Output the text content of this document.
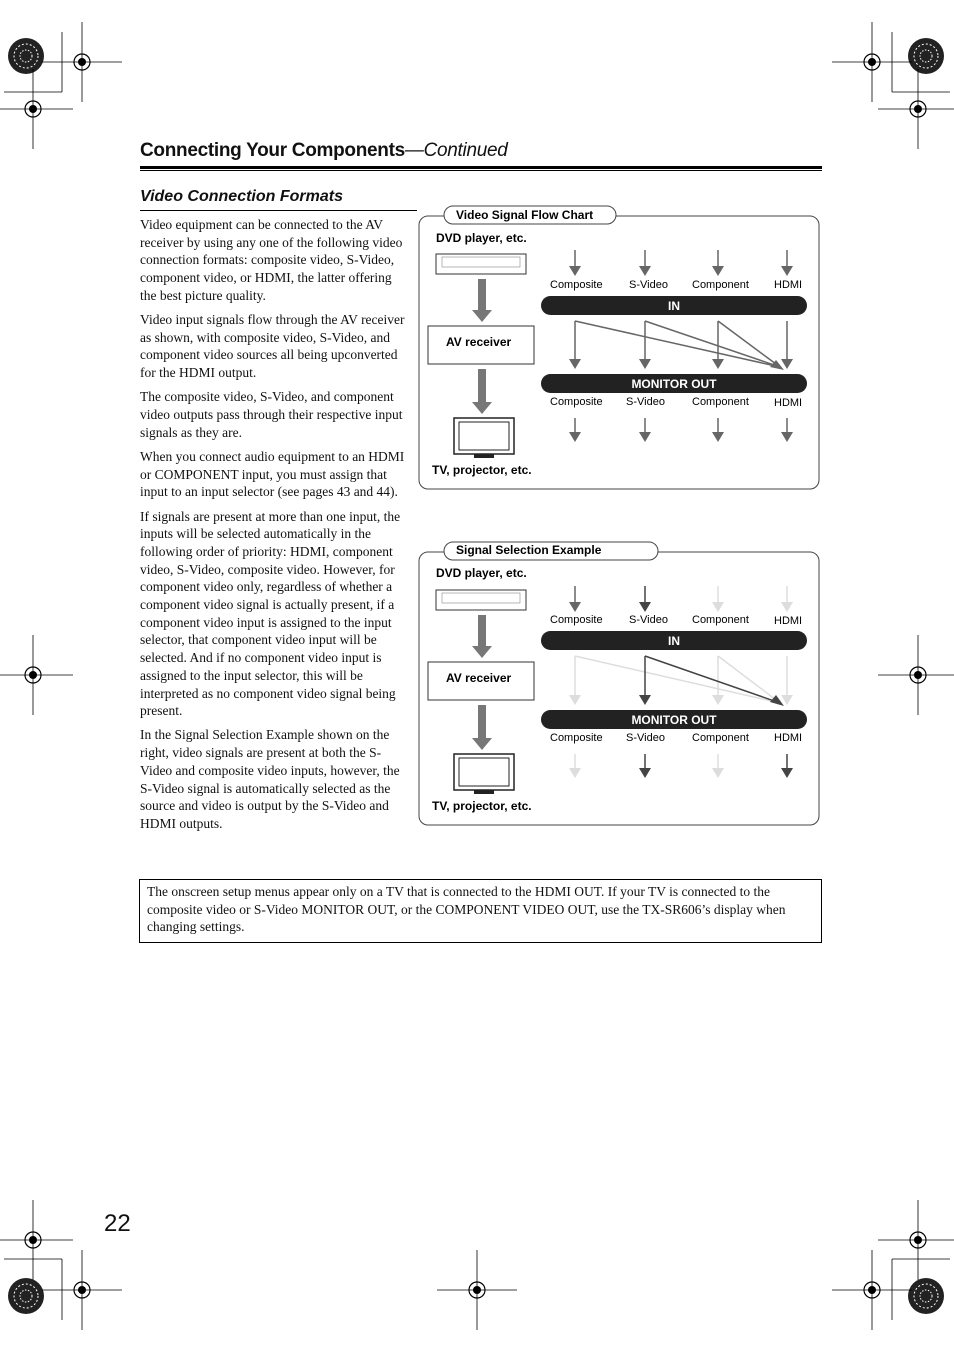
Connecting Your Components—Continued
Video Connection Formats

Video equipment can be connected to the AV receiver by using any one of the following video connection formats: composite video, S-Video, component video, or HDMI, the latter offering the best picture quality.

Video input signals flow through the AV receiver as shown, with composite video, S-Video, and component video sources all being upconverted for the HDMI output.

The composite video, S-Video, and component video outputs pass through their respective input signals as they are.

When you connect audio equipment to an HDMI or COMPONENT input, you must assign that input to an input selector (see pages 43 and 44).

If signals are present at more than one input, the inputs will be selected automatically in the following order of priority: HDMI, component video, S-Video, composite video. However, for component video only, regardless of whether a component video signal is actually present, if a component video input is assigned to the input selector, that component video input will be selected. And if no component video input is assigned to the input selector, this will be interpreted as no component video signal being present.

In the Signal Selection Example shown on the right, video signals are present at both the S-Video and composite video inputs, however, the S-Video signal is automatically selected as the source and video is output by the S-Video and HDMI outputs.

Video Signal Flow Chart
DVD player, etc.
AV receiver
TV, projector, etc.
Composite S-Video Component HDMI
IN
MONITOR OUT
Composite S-Video Component HDMI
Signal Selection Example
DVD player, etc.
AV receiver
TV, projector, etc.
Composite S-Video Component HDMI
IN
MONITOR OUT
Composite S-Video Component HDMI
The onscreen setup menus appear only on a TV that is connected to the HDMI OUT. If your TV is connected to the composite video or S-Video MONITOR OUT, or the COMPONENT VIDEO OUT, use the TX-SR606’s display when changing settings.
22
